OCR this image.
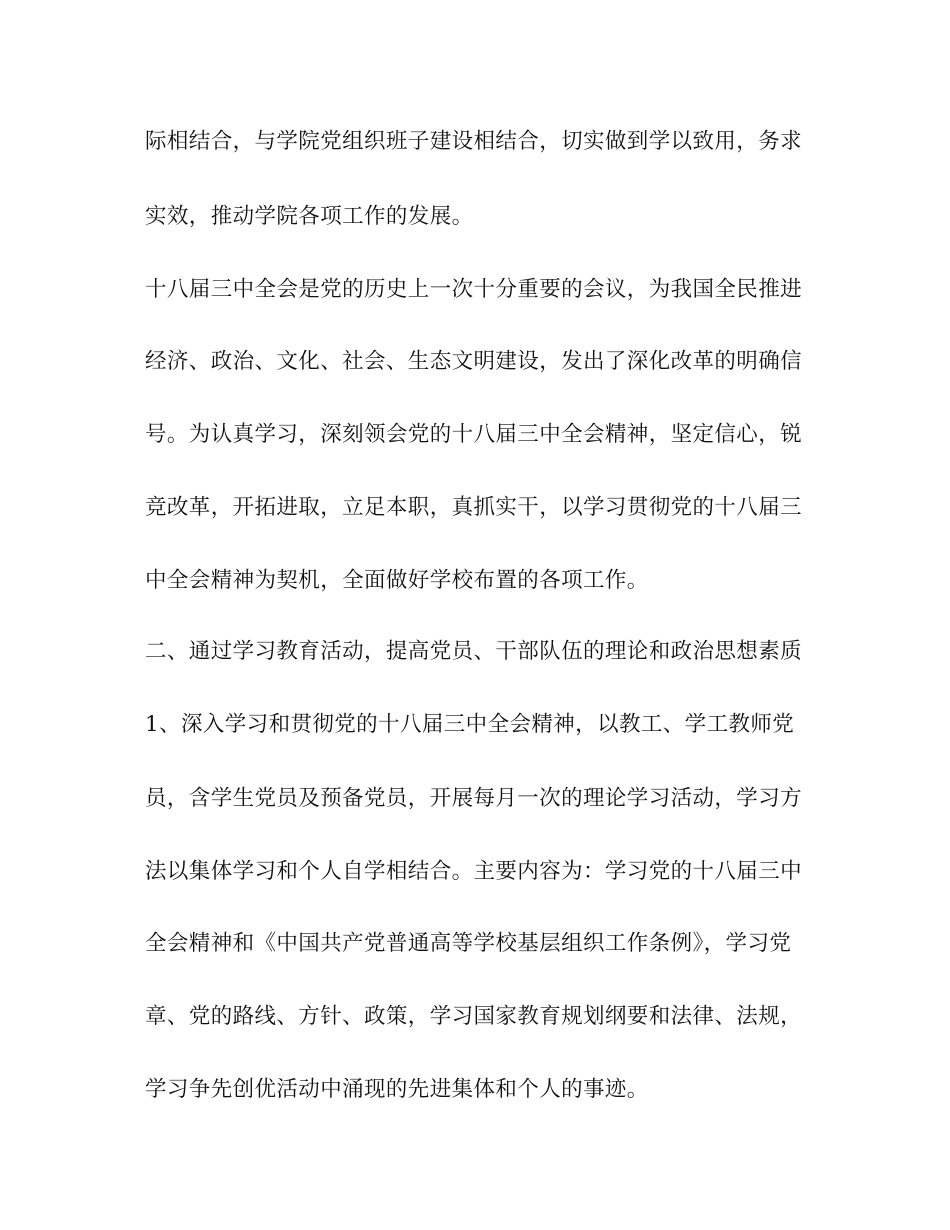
际相结合，与学院党组织班子建设相结合，切实做到学以致用，务求
实效，推动学院各项工作的发展。
十八届三中全会是党的历史上一次十分重要的会议，为我国全民推进
经济、政治、文化、社会、生态文明建设，发出了深化改革的明确信
号。为认真学习，深刻领会党的十八届三中全会精神，坚定信心，锐
竞改革，开拓进取，立足本职，真抓实干，以学习贯彻党的十八届三
中全会精神为契机，全面做好学校布置的各项工作。
二、通过学习教育活动，提高党员、干部队伍的理论和政治思想素质
1、深入学习和贯彻党的十八届三中全会精神，以教工、学工教师党
员，含学生党员及预备党员，开展每月一次的理论学习活动，学习方
法以集体学习和个人自学相结合。主要内容为：学习党的十八届三中
全会精神和《中国共产党普通高等学校基层组织工作条例》，学习党
章、党的路线、方针、政策，学习国家教育规划纲要和法律、法规，
学习争先创优活动中涌现的先进集体和个人的事迹。
